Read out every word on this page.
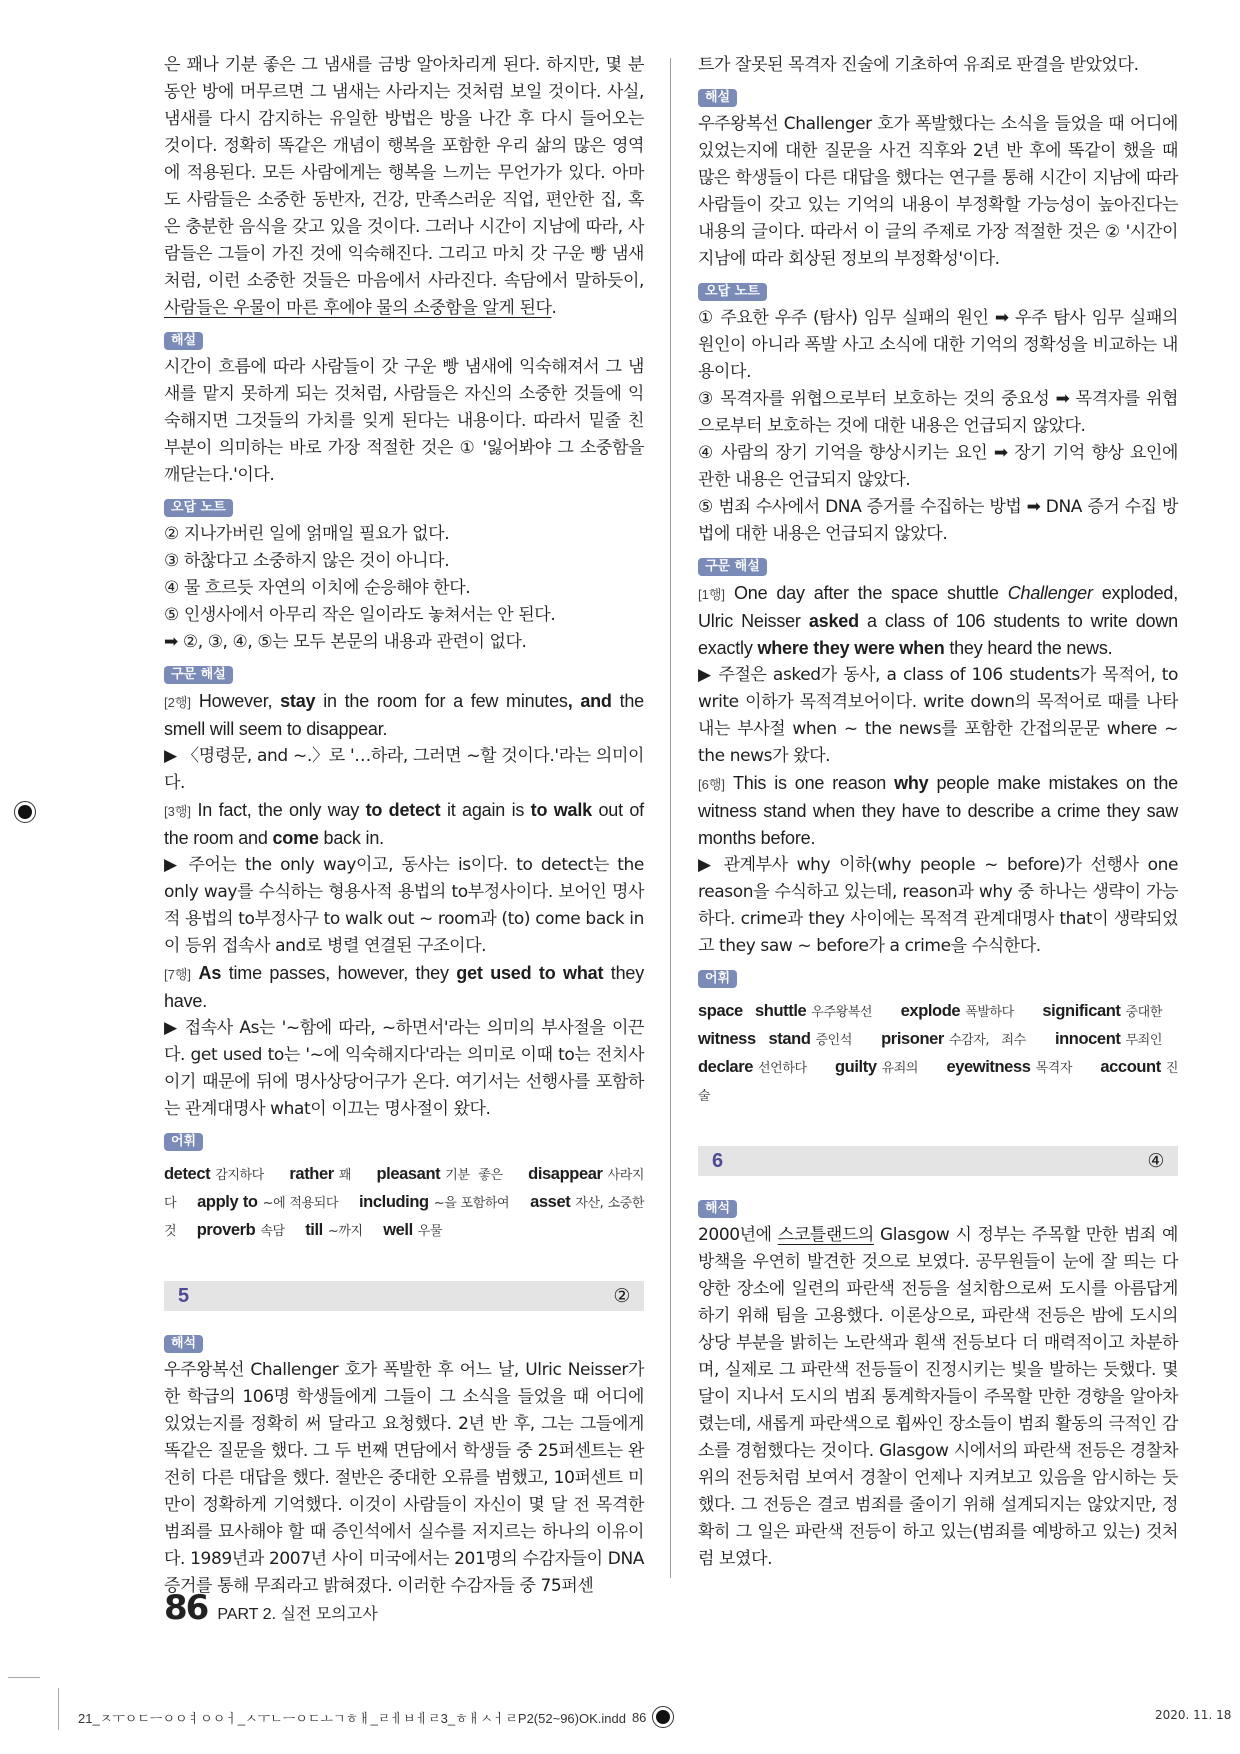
은 꽤나 기분 좋은 그 냄새를 금방 알아차리게 된다. 하지만, 몇 분 동안 방에 머무르면 그 냄새는 사라지는 것처럼 보일 것이다. 사실, 냄새를 다시 감지하는 유일한 방법은 방을 나간 후 다시 들어오는 것이다. 정확히 똑같은 개념이 행복을 포함한 우리 삶의 많은 영역에 적용된다. 모든 사람에게는 행복을 느끼는 무언가가 있다. 아마도 사람들은 소중한 동반자, 건강, 만족스러운 직업, 편안한 집, 혹은 충분한 음식을 갖고 있을 것이다. 그러나 시간이 지남에 따라, 사람들은 그들이 가진 것에 익숙해진다. 그리고 마치 갓 구운 빵 냄새처럼, 이런 소중한 것들은 마음에서 사라진다. 속담에서 말하듯이, 사람들은 우물이 마른 후에야 물의 소중함을 알게 된다.

해설

시간이 흐름에 따라 사람들이 갓 구운 빵 냄새에 익숙해져서 그 냄새를 맡지 못하게 되는 것처럼, 사람들은 자신의 소중한 것들에 익숙해지면 그것들의 가치를 잊게 된다는 내용이다. 따라서 밑줄 친 부분이 의미하는 바로 가장 적절한 것은 ① '잃어봐야 그 소중함을 깨닫는다.'이다.

오답 노트

② 지나가버린 일에 얽매일 필요가 없다.

③ 하찮다고 소중하지 않은 것이 아니다.

④ 물 흐르듯 자연의 이치에 순응해야 한다.

⑤ 인생사에서 아무리 작은 일이라도 놓쳐서는 안 된다.

➡ ②, ③, ④, ⑤는 모두 본문의 내용과 관련이 없다.

구문 해설

[2행] However, stay in the room for a few minutes, and the smell will seem to disappear.

▶ 〈명령문, and ~.〉로 '…하라, 그러면 ~할 것이다.'라는 의미이다.

[3행] In fact, the only way to detect it again is to walk out of the room and come back in.

▶ 주어는 the only way이고, 동사는 is이다. to detect는 the only way를 수식하는 형용사적 용법의 to부정사이다. 보어인 명사적 용법의 to부정사구 to walk out ~ room과 (to) come back in이 등위 접속사 and로 병렬 연결된 구조이다.

[7행] As time passes, however, they get used to what they have.

▶ 접속사 As는 '~함에 따라, ~하면서'라는 의미의 부사절을 이끈다. get used to는 '~에 익숙해지다'라는 의미로 이때 to는 전치사이기 때문에 뒤에 명사상당어구가 온다. 여기서는 선행사를 포함하는 관계대명사 what이 이끄는 명사절이 왔다.

어휘

detect 감지하다 rather 꽤 pleasant 기분 좋은 disappear 사라지다 apply to ~에 적용되다 including ~을 포함하여 asset 자산, 소중한 것 proverb 속담 till ~까지 well 우물

5	②
해석

우주왕복선 Challenger 호가 폭발한 후 어느 날, Ulric Neisser가 한 학급의 106명 학생들에게 그들이 그 소식을 들었을 때 어디에 있었는지를 정확히 써 달라고 요청했다. 2년 반 후, 그는 그들에게 똑같은 질문을 했다. 그 두 번째 면담에서 학생들 중 25퍼센트는 완전히 다른 대답을 했다. 절반은 중대한 오류를 범했고, 10퍼센트 미만이 정확하게 기억했다. 이것이 사람들이 자신이 몇 달 전 목격한 범죄를 묘사해야 할 때 증인석에서 실수를 저지르는 하나의 이유이다. 1989년과 2007년 사이 미국에서는 201명의 수감자들이 DNA 증거를 통해 무죄라고 밝혀졌다. 이러한 수감자들 중 75퍼센

트가 잘못된 목격자 진술에 기초하여 유죄로 판결을 받았었다.

해설

우주왕복선 Challenger 호가 폭발했다는 소식을 들었을 때 어디에 있었는지에 대한 질문을 사건 직후와 2년 반 후에 똑같이 했을 때 많은 학생들이 다른 대답을 했다는 연구를 통해 시간이 지남에 따라 사람들이 갖고 있는 기억의 내용이 부정확할 가능성이 높아진다는 내용의 글이다. 따라서 이 글의 주제로 가장 적절한 것은 ② '시간이 지남에 따라 회상된 정보의 부정확성'이다.

오답 노트

① 주요한 우주 (탐사) 임무 실패의 원인 ➡ 우주 탐사 임무 실패의 원인이 아니라 폭발 사고 소식에 대한 기억의 정확성을 비교하는 내용이다.

③ 목격자를 위협으로부터 보호하는 것의 중요성 ➡ 목격자를 위협으로부터 보호하는 것에 대한 내용은 언급되지 않았다.

④ 사람의 장기 기억을 향상시키는 요인 ➡ 장기 기억 향상 요인에 관한 내용은 언급되지 않았다.

⑤ 범죄 수사에서 DNA 증거를 수집하는 방법 ➡ DNA 증거 수집 방법에 대한 내용은 언급되지 않았다.

구문 해설

[1행] One day after the space shuttle Challenger exploded, Ulric Neisser asked a class of 106 students to write down exactly where they were when they heard the news.

▶ 주절은 asked가 동사, a class of 106 students가 목적어, to write 이하가 목적격보어이다. write down의 목적어로 때를 나타내는 부사절 when ~ the news를 포함한 간접의문문 where ~ the news가 왔다.

[6행] This is one reason why people make mistakes on the witness stand when they have to describe a crime they saw months before.

▶ 관계부사 why 이하(why people ~ before)가 선행사 one reason을 수식하고 있는데, reason과 why 중 하나는 생략이 가능하다. crime과 they 사이에는 목적격 관계대명사 that이 생략되었고 they saw ~ before가 a crime을 수식한다.

어휘

space shuttle 우주왕복선 explode 폭발하다 significant 중대한 witness stand 증인석 prisoner 수감자, 죄수 innocent 무죄인 declare 선언하다 guilty 유죄의 eyewitness 목격자 account 진술

6	④
해석

2000년에 스코틀랜드의 Glasgow 시 정부는 주목할 만한 범죄 예방책을 우연히 발견한 것으로 보였다. 공무원들이 눈에 잘 띄는 다양한 장소에 일련의 파란색 전등을 설치함으로써 도시를 아름답게 하기 위해 팀을 고용했다. 이론상으로, 파란색 전등은 밤에 도시의 상당 부분을 밝히는 노란색과 흰색 전등보다 더 매력적이고 차분하며, 실제로 그 파란색 전등들이 진정시키는 빛을 발하는 듯했다. 몇 달이 지나서 도시의 범죄 통계학자들이 주목할 만한 경향을 알아차렸는데, 새롭게 파란색으로 휩싸인 장소들이 범죄 활동의 극적인 감소를 경험했다는 것이다. Glasgow 시에서의 파란색 전등은 경찰차 위의 전등처럼 보여서 경찰이 언제나 지켜보고 있음을 암시하는 듯했다. 그 전등은 결코 범죄를 줄이기 위해 설계되지는 않았지만, 정확히 그 일은 파란색 전등이 하고 있는(범죄를 예방하고 있는) 것처럼 보였다.

86 PART 2. 실전 모의고사
21_ㅈㅜㅇㄷㅡㅇㅇㅕㅇㅇㅓ_ㅅㅜㄴㅡㅇㄷㅗㄱㅎㅐ_ㄹㅔㅂㅔㄹ3_ㅎㅐㅅㅓㄹP2(52~96)OK.indd 86	2020. 11. 18
